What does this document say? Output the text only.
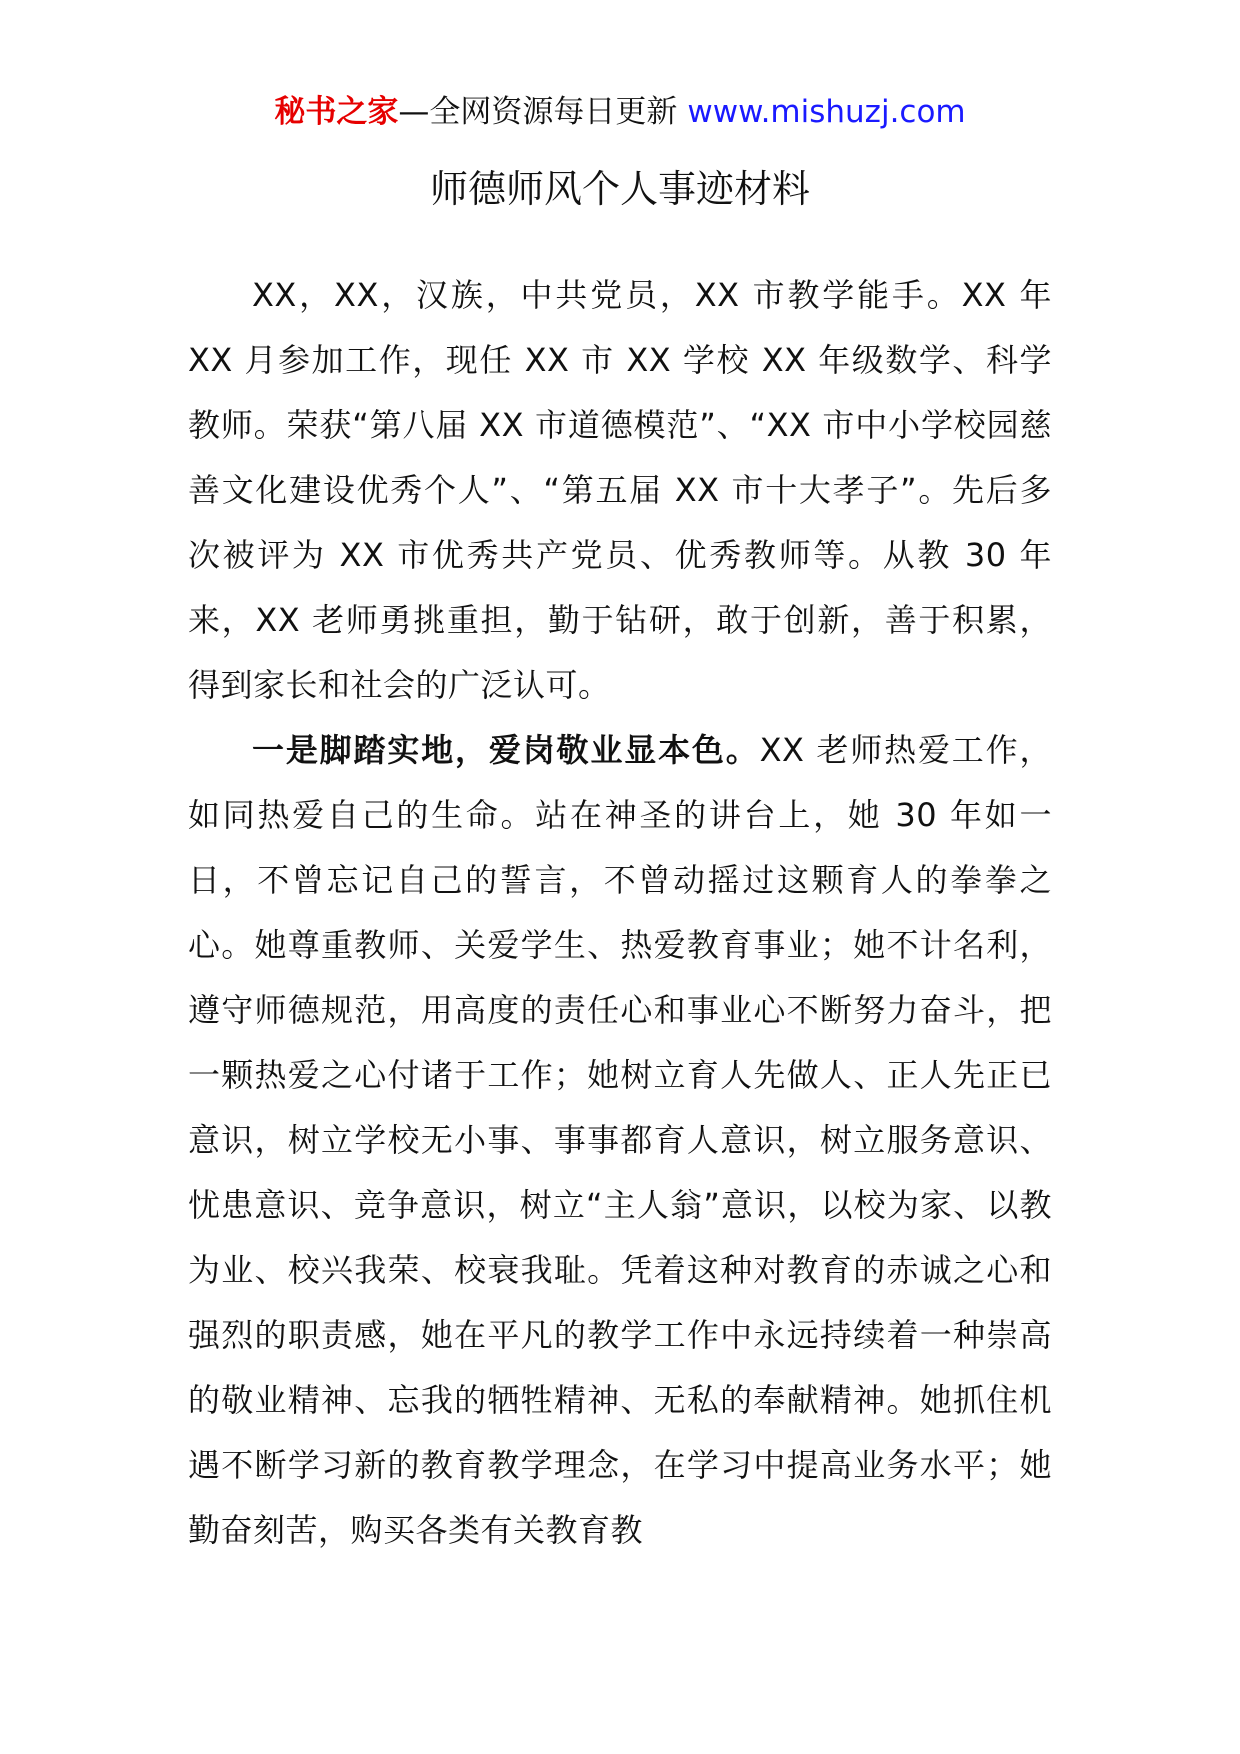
秘书之家—全网资源每日更新 www.mishuzj.com
师德师风个人事迹材料

XX，XX，汉族，中共党员，XX 市教学能手。XX 年 XX 月参加工作，现任 XX 市 XX 学校 XX 年级数学、科学教师。荣获“第八届 XX 市道德模范”、“XX 市中小学校园慈善文化建设优秀个人”、“第五届 XX 市十大孝子”。先后多次被评为 XX 市优秀共产党员、优秀教师等。从教 30 年来，XX 老师勇挑重担，勤于钻研，敢于创新，善于积累，得到家长和社会的广泛认可。

一是脚踏实地，爱岗敬业显本色。XX 老师热爱工作，如同热爱自己的生命。站在神圣的讲台上，她 30 年如一日，不曾忘记自己的誓言，不曾动摇过这颗育人的拳拳之心。她尊重教师、关爱学生、热爱教育事业；她不计名利，遵守师德规范，用高度的责任心和事业心不断努力奋斗，把一颗热爱之心付诸于工作；她树立育人先做人、正人先正已意识，树立学校无小事、事事都育人意识，树立服务意识、忧患意识、竞争意识，树立“主人翁”意识，以校为家、以教为业、校兴我荣、校衰我耻。凭着这种对教育的赤诚之心和强烈的职责感，她在平凡的教学工作中永远持续着一种崇高的敬业精神、忘我的牺牲精神、无私的奉献精神。她抓住机遇不断学习新的教育教学理念，在学习中提高业务水平；她勤奋刻苦，购买各类有关教育教
